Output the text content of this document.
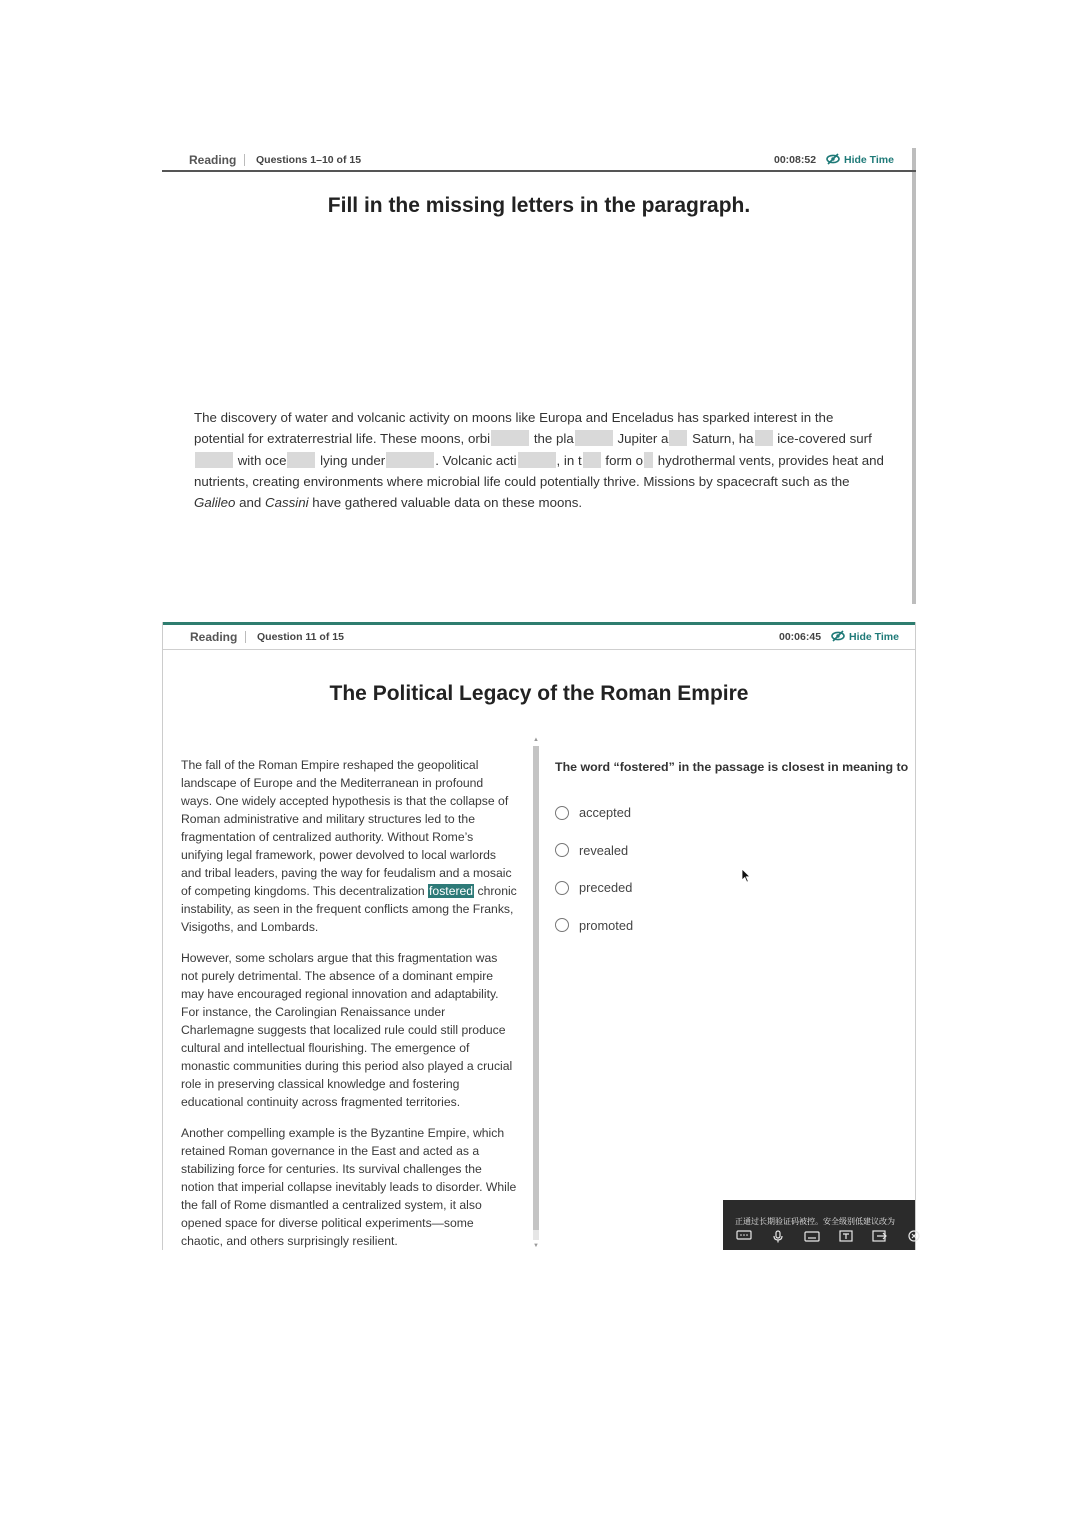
Reading Questions 1–10 of 15	00:08:52	Hide Time
Fill in the missing letters in the paragraph.
The discovery of water and volcanic activity on moons like Europa and Enceladus has sparked interest in the potential for extraterrestrial life. These moons, orbi	the pla	Jupiter a Saturn, ha ice-covered surf with oce lying under	. Volcanic acti	, in t form o hydrothermal vents, provides heat and nutrients, creating environments where microbial life could potentially thrive. Missions by spacecraft such as the
Galileo and Cassini have gathered valuable data on these moons.
Reading Question 11 of 15	00:06:45	Hide Time
The Political Legacy of the Roman Empire

The fall of the Roman Empire reshaped the geopolitical landscape of Europe and the Mediterranean in profound ways. One widely accepted hypothesis is that the collapse of Roman administrative and military structures led to the fragmentation of centralized authority. Without Rome’s unifying legal framework, power devolved to local warlords and tribal leaders, paving the way for feudalism and a mosaic of competing kingdoms. This decentralization fostered chronic instability, as seen in the frequent conflicts among the Franks, Visigoths, and Lombards.

However, some scholars argue that this fragmentation was not purely detrimental. The absence of a dominant empire may have encouraged regional innovation and adaptability. For instance, the Carolingian Renaissance under Charlemagne suggests that localized rule could still produce cultural and intellectual flourishing. The emergence of monastic communities during this period also played a crucial role in preserving classical knowledge and fostering educational continuity across fragmented territories.

Another compelling example is the Byzantine Empire, which retained Roman governance in the East and acted as a stabilizing force for centuries. Its survival challenges the notion that imperial collapse inevitably leads to disorder. While the fall of Rome dismantled a centralized system, it also opened space for diverse political experiments—some chaotic, and others surprisingly resilient.

▲
▼
The word “fostered” in the passage is closest in meaning to
accepted
revealed
preceded
promoted
正通过长期验证码被控。安全级别低建议改为
